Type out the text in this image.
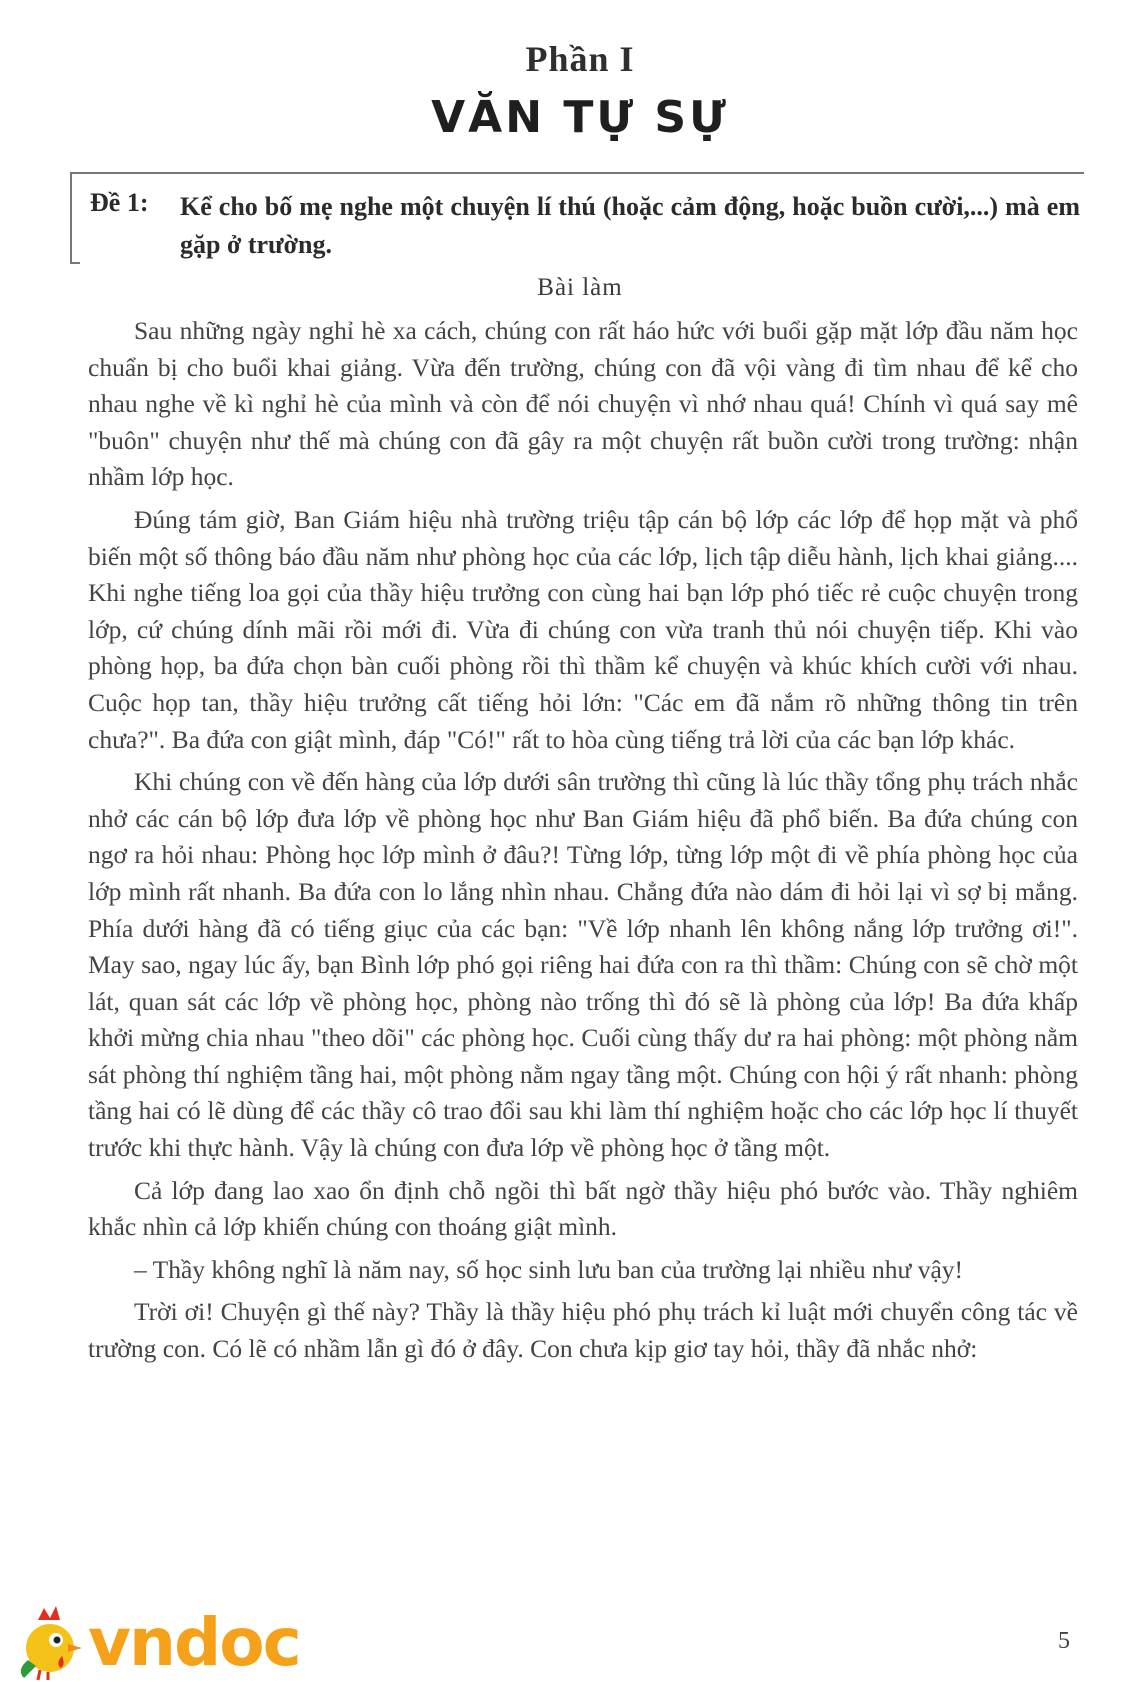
Phần I
VĂN TỰ SỰ
Đề 1: Kể cho bố mẹ nghe một chuyện lí thú (hoặc cảm động, hoặc buồn cười,...) mà em gặp ở trường.
Bài làm

Sau những ngày nghỉ hè xa cách, chúng con rất háo hức với buổi gặp mặt lớp đầu năm học chuẩn bị cho buổi khai giảng. Vừa đến trường, chúng con đã vội vàng đi tìm nhau để kể cho nhau nghe về kì nghỉ hè của mình và còn để nói chuyện vì nhớ nhau quá! Chính vì quá say mê "buôn" chuyện như thế mà chúng con đã gây ra một chuyện rất buồn cười trong trường: nhận nhầm lớp học.

Đúng tám giờ, Ban Giám hiệu nhà trường triệu tập cán bộ lớp các lớp để họp mặt và phổ biến một số thông báo đầu năm như phòng học của các lớp, lịch tập diễu hành, lịch khai giảng.... Khi nghe tiếng loa gọi của thầy hiệu trưởng con cùng hai bạn lớp phó tiếc rẻ cuộc chuyện trong lớp, cứ chúng dính mãi rồi mới đi. Vừa đi chúng con vừa tranh thủ nói chuyện tiếp. Khi vào phòng họp, ba đứa chọn bàn cuối phòng rồi thì thầm kể chuyện và khúc khích cười với nhau. Cuộc họp tan, thầy hiệu trưởng cất tiếng hỏi lớn: "Các em đã nắm rõ những thông tin trên chưa?". Ba đứa con giật mình, đáp "Có!" rất to hòa cùng tiếng trả lời của các bạn lớp khác.

Khi chúng con về đến hàng của lớp dưới sân trường thì cũng là lúc thầy tổng phụ trách nhắc nhở các cán bộ lớp đưa lớp về phòng học như Ban Giám hiệu đã phổ biến. Ba đứa chúng con ngơ ra hỏi nhau: Phòng học lớp mình ở đâu?! Từng lớp, từng lớp một đi về phía phòng học của lớp mình rất nhanh. Ba đứa con lo lắng nhìn nhau. Chẳng đứa nào dám đi hỏi lại vì sợ bị mắng. Phía dưới hàng đã có tiếng giục của các bạn: "Về lớp nhanh lên không nắng lớp trưởng ơi!". May sao, ngay lúc ấy, bạn Bình lớp phó gọi riêng hai đứa con ra thì thầm: Chúng con sẽ chờ một lát, quan sát các lớp về phòng học, phòng nào trống thì đó sẽ là phòng của lớp! Ba đứa khấp khởi mừng chia nhau "theo dõi" các phòng học. Cuối cùng thấy dư ra hai phòng: một phòng nằm sát phòng thí nghiệm tầng hai, một phòng nằm ngay tầng một. Chúng con hội ý rất nhanh: phòng tầng hai có lẽ dùng để các thầy cô trao đổi sau khi làm thí nghiệm hoặc cho các lớp học lí thuyết trước khi thực hành. Vậy là chúng con đưa lớp về phòng học ở tầng một.

Cả lớp đang lao xao ổn định chỗ ngồi thì bất ngờ thầy hiệu phó bước vào. Thầy nghiêm khắc nhìn cả lớp khiến chúng con thoáng giật mình.

– Thầy không nghĩ là năm nay, số học sinh lưu ban của trường lại nhiều như vậy!

Trời ơi! Chuyện gì thế này? Thầy là thầy hiệu phó phụ trách kỉ luật mới chuyển công tác về trường con. Có lẽ có nhầm lẫn gì đó ở đây. Con chưa kịp giơ tay hỏi, thầy đã nhắc nhở:

5
vndoc
